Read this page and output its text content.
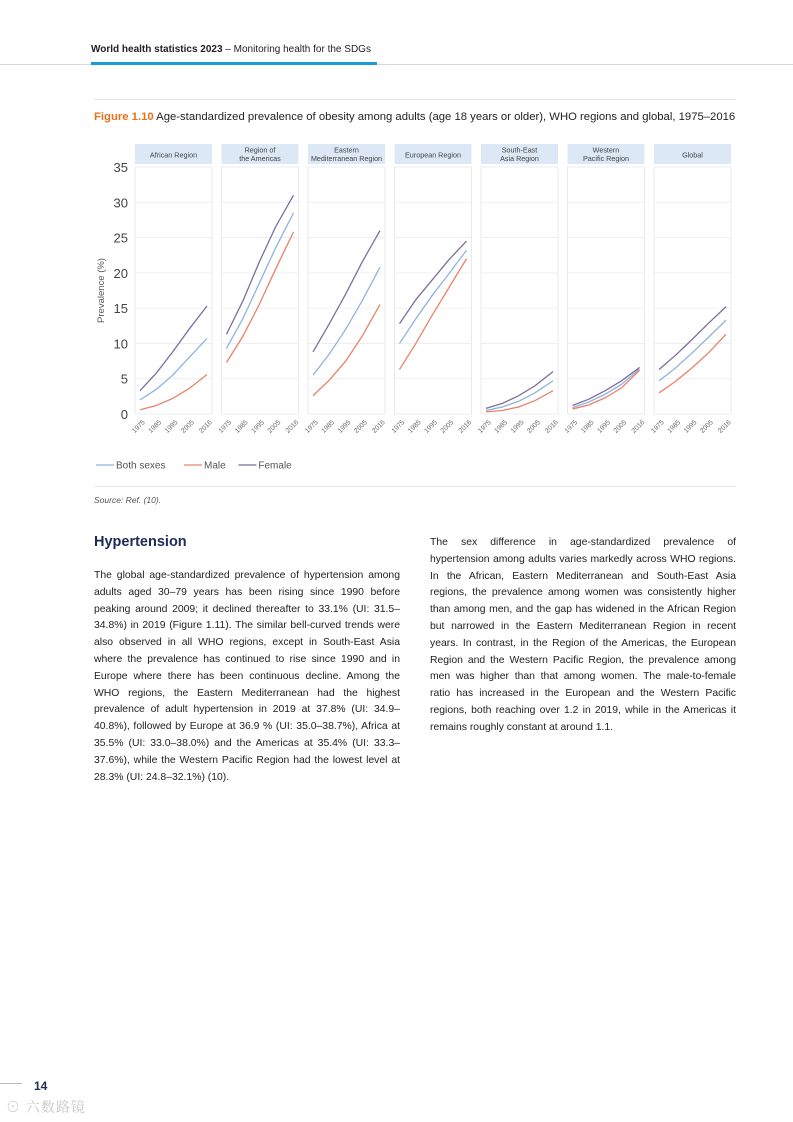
World health statistics 2023 – Monitoring health for the SDGs
Figure 1.10 Age-standardized prevalence of obesity among adults (age 18 years or older), WHO regions and global, 1975–2016
Prevalence (%)
0
5
10
15
20
25
30
35
African Region
1975 1985 1995 2005 2016
Region of the Americas
1975 1985 1995 2005 2016
Eastern Mediterranean Region
1975 1985 1995 2005 2016
European Region
1975 1985 1995 2005 2016
South-East Asia Region
1975 1985 1995 2005 2016
Western Pacific Region
1975 1985 1995 2005 2016
Global
1975 1985 1995 2005 2016
Both sexes	Male	Female
Source: Ref. (10).
Hypertension
The global age-standardized prevalence of hypertension among adults aged 30–79 years has been rising since 1990 before peaking around 2009; it declined thereafter to 33.1% (UI: 31.5–34.8%) in 2019 (Figure 1.11). The similar bell-curved trends were also observed in all WHO regions, except in South-East Asia where the prevalence has continued to rise since 1990 and in Europe where there has been continuous decline. Among the WHO regions, the Eastern Mediterranean had the highest prevalence of adult hypertension in 2019 at 37.8% (UI: 34.9–40.8%), followed by Europe at 36.9 % (UI: 35.0–38.7%), Africa at 35.5% (UI: 33.0–38.0%) and the Americas at 35.4% (UI: 33.3–37.6%), while the Western Pacific Region had the lowest level at 28.3% (UI: 24.8–32.1%) (10).
The sex difference in age-standardized prevalence of hypertension among adults varies markedly across WHO regions. In the African, Eastern Mediterranean and South-East Asia regions, the prevalence among women was consistently higher than among men, and the gap has widened in the African Region but narrowed in the Eastern Mediterranean Region in recent years. In contrast, in the Region of the Americas, the European Region and the Western Pacific Region, the prevalence among men was higher than that among women. The male-to-female ratio has increased in the European and the Western Pacific regions, both reaching over 1.2 in 2019, while in the Americas it remains roughly constant at around 1.1.
14
⊙ 六数路镜
